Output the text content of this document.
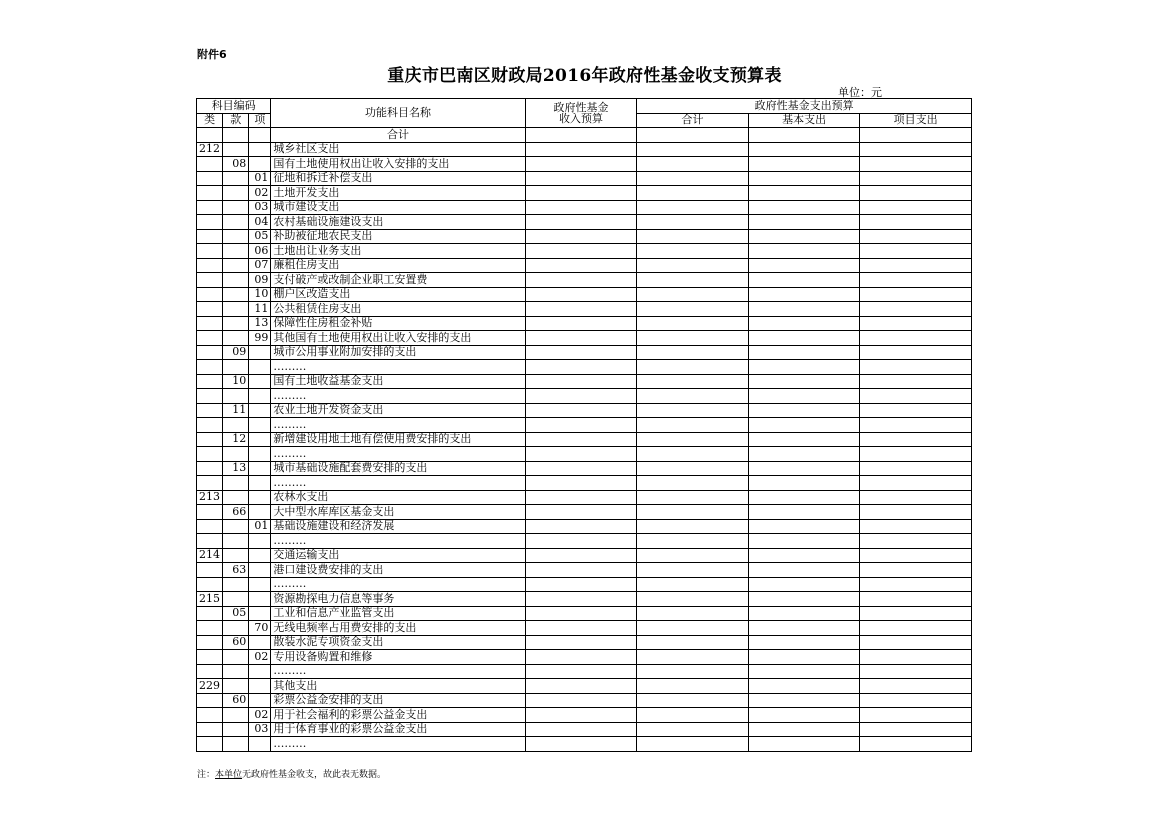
附件6
重庆市巴南区财政局2016年政府性基金收支预算表
单位：元
科目编码			功能科目名称	政府性基金
收入预算	政府性基金支出预算		
类	款	项			合计	基本支出	项目支出
			合计				
212			城乡社区支出				
	08		国有土地使用权出让收入安排的支出				
		01	征地和拆迁补偿支出				
		02	土地开发支出				
		03	城市建设支出				
		04	农村基础设施建设支出				
		05	补助被征地农民支出				
		06	土地出让业务支出				
		07	廉租住房支出				
		09	支付破产或改制企业职工安置费				
		10	棚户区改造支出				
		11	公共租赁住房支出				
		13	保障性住房租金补贴				
		99	其他国有土地使用权出让收入安排的支出				
	09		城市公用事业附加安排的支出				
			………				
	10		国有土地收益基金支出				
			………				
	11		农业土地开发资金支出				
			………				
	12		新增建设用地土地有偿使用费安排的支出				
			………				
	13		城市基础设施配套费安排的支出				
			………				
213			农林水支出				
	66		大中型水库库区基金支出				
		01	基础设施建设和经济发展				
			………				
214			交通运输支出				
	63		港口建设费安排的支出				
			………				
215			资源勘探电力信息等事务				
	05		工业和信息产业监管支出				
		70	无线电频率占用费安排的支出				
	60		散装水泥专项资金支出				
		02	专用设备购置和维修				
			………				
229			其他支出				
	60		彩票公益金安排的支出				
		02	用于社会福利的彩票公益金支出				
		03	用于体育事业的彩票公益金支出				
			………				
注：本单位无政府性基金收支，故此表无数据。
